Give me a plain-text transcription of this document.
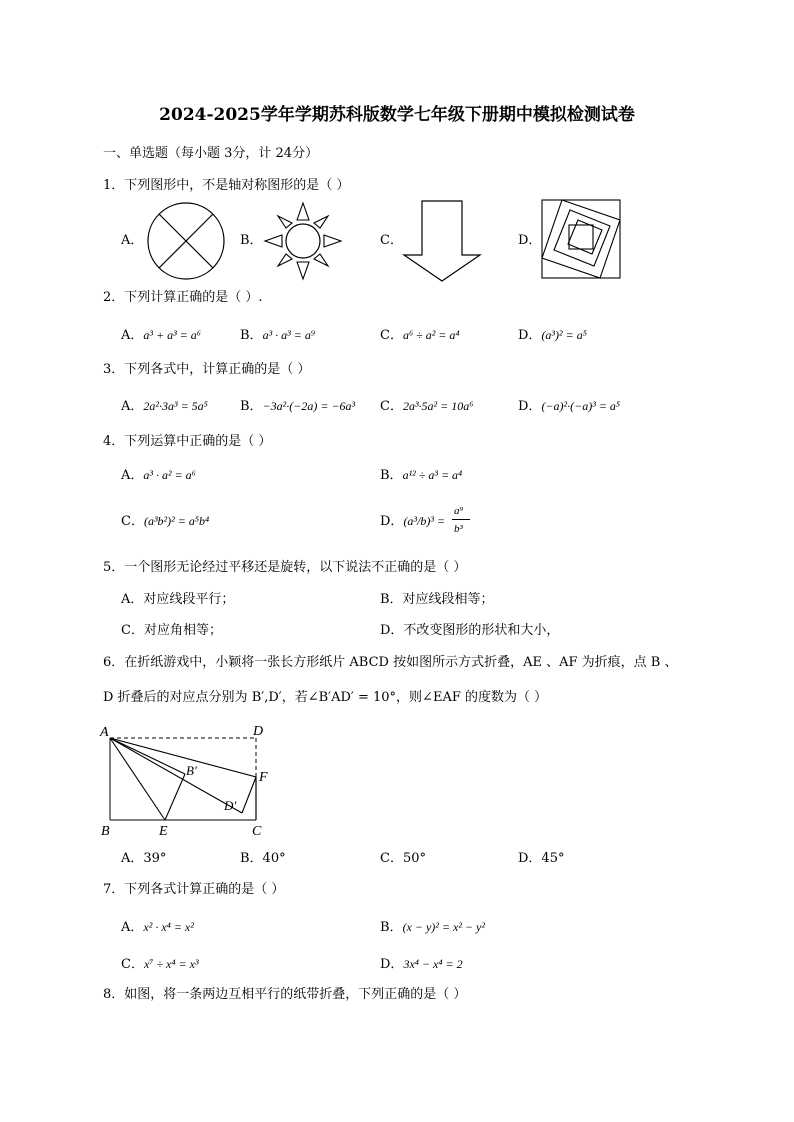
2024-2025学年学期苏科版数学七年级下册期中模拟检测试卷
一、单选题（每小题 3分，计 24分）
1．下列图形中，不是轴对称图形的是（ ）
A．	B．	C．	D．
2．下列计算正确的是（ ）.
A．a³ + a³ = a⁶	B．a³ · a³ = a⁹	C．a⁶ ÷ a² = a⁴	D．(a³)² = a⁵
3．下列各式中，计算正确的是（ ）
A．2a²·3a³ = 5a⁵ B．−3a²·(−2a) = −6a³ C．2a³·5a² = 10a⁶	D．(−a)²·(−a)³ = a⁵
4．下列运算中正确的是（ ）
A．a³ · a² = a⁶	B．a¹² ÷ a³ = a⁴
C．(a³b²)² = a⁵b⁴	D．(a³/b)³ =
a⁹
b³
5．一个图形无论经过平移还是旋转，以下说法不正确的是（ ）
A．对应线段平行；	B．对应线段相等；
C．对应角相等；	D．不改变图形的形状和大小，
6．在折纸游戏中，小颖将一张长方形纸片 ABCD 按如图所示方式折叠，AE 、AF 为折痕，点 B 、
D 折叠后的对应点分别为 B′,D′，若∠B′AD′ = 10°，则∠EAF 的度数为（ ）
A	D
B′	F
D′
B	E	C
A．39°	B．40°	C．50°	D．45°
7．下列各式计算正确的是（ ）
A．x² · x⁴ = x²	B．(x − y)² = x² − y²
C．x⁷ ÷ x⁴ = x³	D．3x⁴ − x⁴ = 2
8．如图，将一条两边互相平行的纸带折叠，下列正确的是（ ）
